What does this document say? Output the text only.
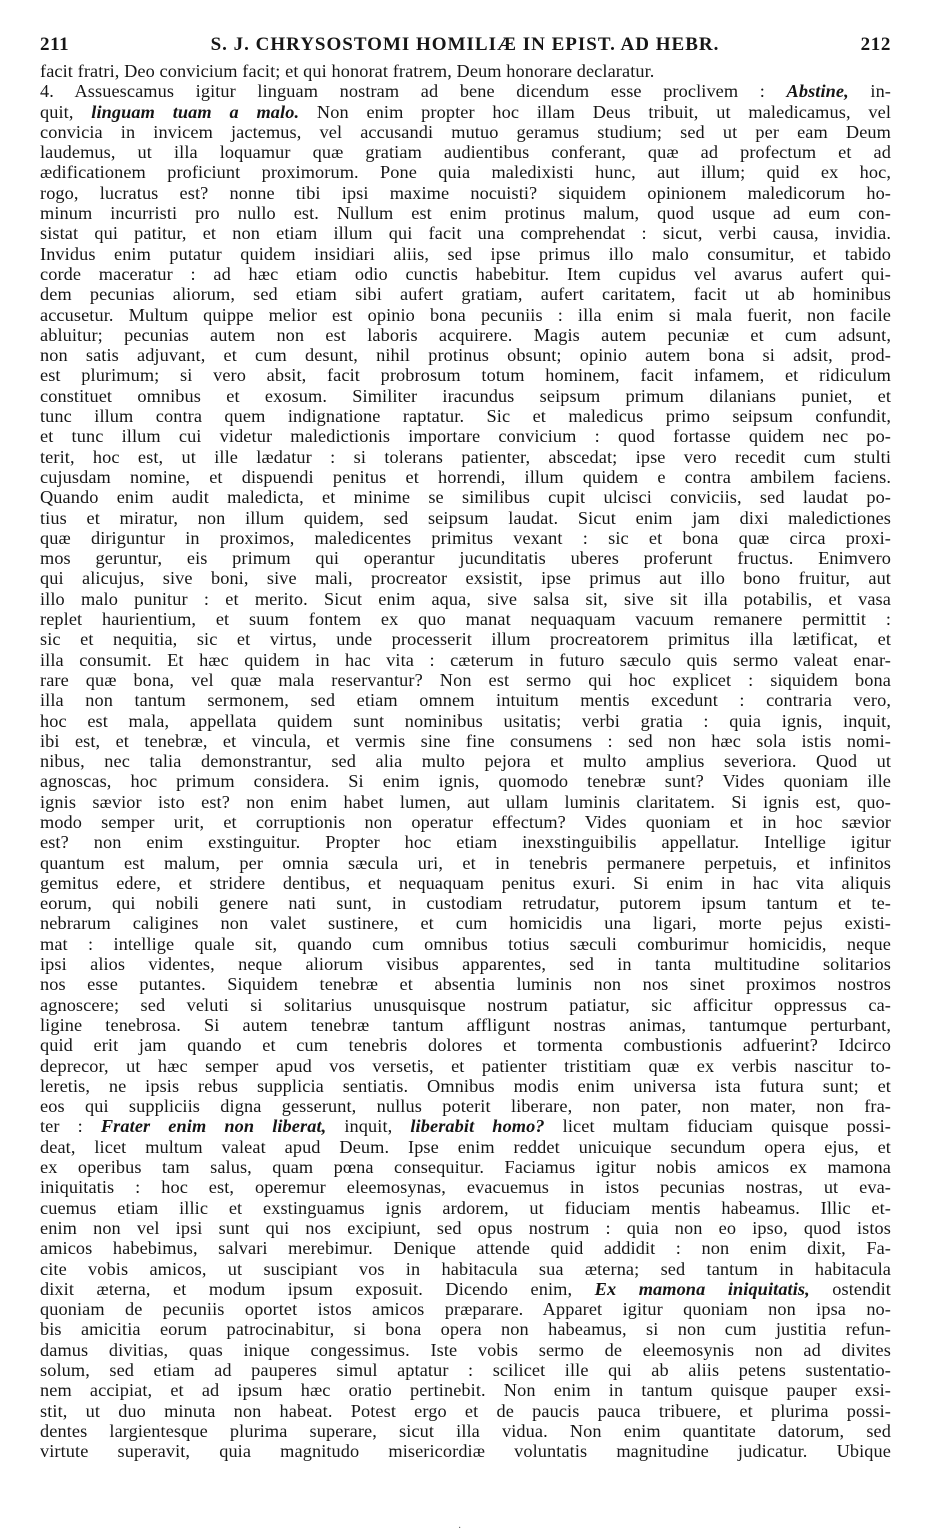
211	S. J. CHRYSOSTOMI HOMILIÆ IN EPIST. AD HEBR.	212
facit fratri, Deo convicium facit; et qui honorat fratrem, Deum honorare declaratur.
4. Assuescamus igitur linguam nostram ad bene dicendum esse proclivem : Abstine, in-
quit, linguam tuam a malo. Non enim propter hoc illam Deus tribuit, ut maledicamus, vel
convicia in invicem jactemus, vel accusandi mutuo geramus studium; sed ut per eam Deum
laudemus, ut illa loquamur quæ gratiam audientibus conferant, quæ ad profectum et ad
ædificationem proficiunt proximorum. Pone quia maledixisti hunc, aut illum; quid ex hoc,
rogo, lucratus est? nonne tibi ipsi maxime nocuisti? siquidem opinionem maledicorum ho-
minum incurristi pro nullo est. Nullum est enim protinus malum, quod usque ad eum con-
sistat qui patitur, et non etiam illum qui facit una comprehendat : sicut, verbi causa, invidia.
Invidus enim putatur quidem insidiari aliis, sed ipse primus illo malo consumitur, et tabido
corde maceratur : ad hæc etiam odio cunctis habebitur. Item cupidus vel avarus aufert qui-
dem pecunias aliorum, sed etiam sibi aufert gratiam, aufert caritatem, facit ut ab hominibus
accusetur. Multum quippe melior est opinio bona pecuniis : illa enim si mala fuerit, non facile
abluitur; pecunias autem non est laboris acquirere. Magis autem pecuniæ et cum adsunt,
non satis adjuvant, et cum desunt, nihil protinus obsunt; opinio autem bona si adsit, prod-
est plurimum; si vero absit, facit probrosum totum hominem, facit infamem, et ridiculum
constituet omnibus et exosum. Similiter iracundus seipsum primum dilanians puniet, et
tunc illum contra quem indignatione raptatur. Sic et maledicus primo seipsum confundit,
et tunc illum cui videtur maledictionis importare convicium : quod fortasse quidem nec po-
terit, hoc est, ut ille lædatur : si tolerans patienter, abscedat; ipse vero recedit cum stulti
cujusdam nomine, et dispuendi penitus et horrendi, illum quidem e contra ambilem faciens.
Quando enim audit maledicta, et minime se similibus cupit ulcisci conviciis, sed laudat po-
tius et miratur, non illum quidem, sed seipsum laudat. Sicut enim jam dixi maledictiones
quæ diriguntur in proximos, maledicentes primitus vexant : sic et bona quæ circa proxi-
mos geruntur, eis primum qui operantur jucunditatis uberes proferunt fructus. Enimvero
qui alicujus, sive boni, sive mali, procreator exsistit, ipse primus aut illo bono fruitur, aut
illo malo punitur : et merito. Sicut enim aqua, sive salsa sit, sive sit illa potabilis, et vasa
replet haurientium, et suum fontem ex quo manat nequaquam vacuum remanere permittit :
sic et nequitia, sic et virtus, unde processerit illum procreatorem primitus illa lætificat, et
illa consumit. Et hæc quidem in hac vita : cæterum in futuro sæculo quis sermo valeat enar-
rare quæ bona, vel quæ mala reservantur? Non est sermo qui hoc explicet : siquidem bona
illa non tantum sermonem, sed etiam omnem intuitum mentis excedunt : contraria vero,
hoc est mala, appellata quidem sunt nominibus usitatis; verbi gratia : quia ignis, inquit,
ibi est, et tenebræ, et vincula, et vermis sine fine consumens : sed non hæc sola istis nomi-
nibus, nec talia demonstrantur, sed alia multo pejora et multo amplius severiora. Quod ut
agnoscas, hoc primum considera. Si enim ignis, quomodo tenebræ sunt? Vides quoniam ille
ignis sævior isto est? non enim habet lumen, aut ullam luminis claritatem. Si ignis est, quo-
modo semper urit, et corruptionis non operatur effectum? Vides quoniam et in hoc sævior
est? non enim exstinguitur. Propter hoc etiam inexstinguibilis appellatur. Intellige igitur
quantum est malum, per omnia sæcula uri, et in tenebris permanere perpetuis, et infinitos
gemitus edere, et stridere dentibus, et nequaquam penitus exuri. Si enim in hac vita aliquis
eorum, qui nobili genere nati sunt, in custodiam retrudatur, putorem ipsum tantum et te-
nebrarum caligines non valet sustinere, et cum homicidis una ligari, morte pejus existi-
mat : intellige quale sit, quando cum omnibus totius sæculi comburimur homicidis, neque
ipsi alios videntes, neque aliorum visibus apparentes, sed in tanta multitudine solitarios
nos esse putantes. Siquidem tenebræ et absentia luminis non nos sinet proximos nostros
agnoscere; sed veluti si solitarius unusquisque nostrum patiatur, sic afficitur oppressus ca-
ligine tenebrosa. Si autem tenebræ tantum affligunt nostras animas, tantumque perturbant,
quid erit jam quando et cum tenebris dolores et tormenta combustionis adfuerint? Idcirco
deprecor, ut hæc semper apud vos versetis, et patienter tristitiam quæ ex verbis nascitur to-
leretis, ne ipsis rebus supplicia sentiatis. Omnibus modis enim universa ista futura sunt; et
eos qui suppliciis digna gesserunt, nullus poterit liberare, non pater, non mater, non fra-
ter : Frater enim non liberat, inquit, liberabit homo? licet multam fiduciam quisque possi-
deat, licet multum valeat apud Deum. Ipse enim reddet unicuique secundum opera ejus, et
ex operibus tam salus, quam pœna consequitur. Faciamus igitur nobis amicos ex mamona
iniquitatis : hoc est, operemur eleemosynas, evacuemus in istos pecunias nostras, ut eva-
cuemus etiam illic et exstinguamus ignis ardorem, ut fiduciam mentis habeamus. Illic et-
enim non vel ipsi sunt qui nos excipiunt, sed opus nostrum : quia non eo ipso, quod istos
amicos habebimus, salvari merebimur. Denique attende quid addidit : non enim dixit, Fa-
cite vobis amicos, ut suscipiant vos in habitacula sua æterna; sed tantum in habitacula
dixit æterna, et modum ipsum exposuit. Dicendo enim, Ex mamona iniquitatis, ostendit
quoniam de pecuniis oportet istos amicos præparare. Apparet igitur quoniam non ipsa no-
bis amicitia eorum patrocinabitur, si bona opera non habeamus, si non cum justitia refun-
damus divitias, quas inique congessimus. Iste vobis sermo de eleemosynis non ad divites
solum, sed etiam ad pauperes simul aptatur : scilicet ille qui ab aliis petens sustentatio-
nem accipiat, et ad ipsum hæc oratio pertinebit. Non enim in tantum quisque pauper exsi-
stit, ut duo minuta non habeat. Potest ergo et de paucis pauca tribuere, et plurima possi-
dentes largientesque plurima superare, sicut illa vidua. Non enim quantitate datorum, sed
virtute superavit, quia magnitudo misericordiæ voluntatis magnitudine judicatur. Ubique
·
